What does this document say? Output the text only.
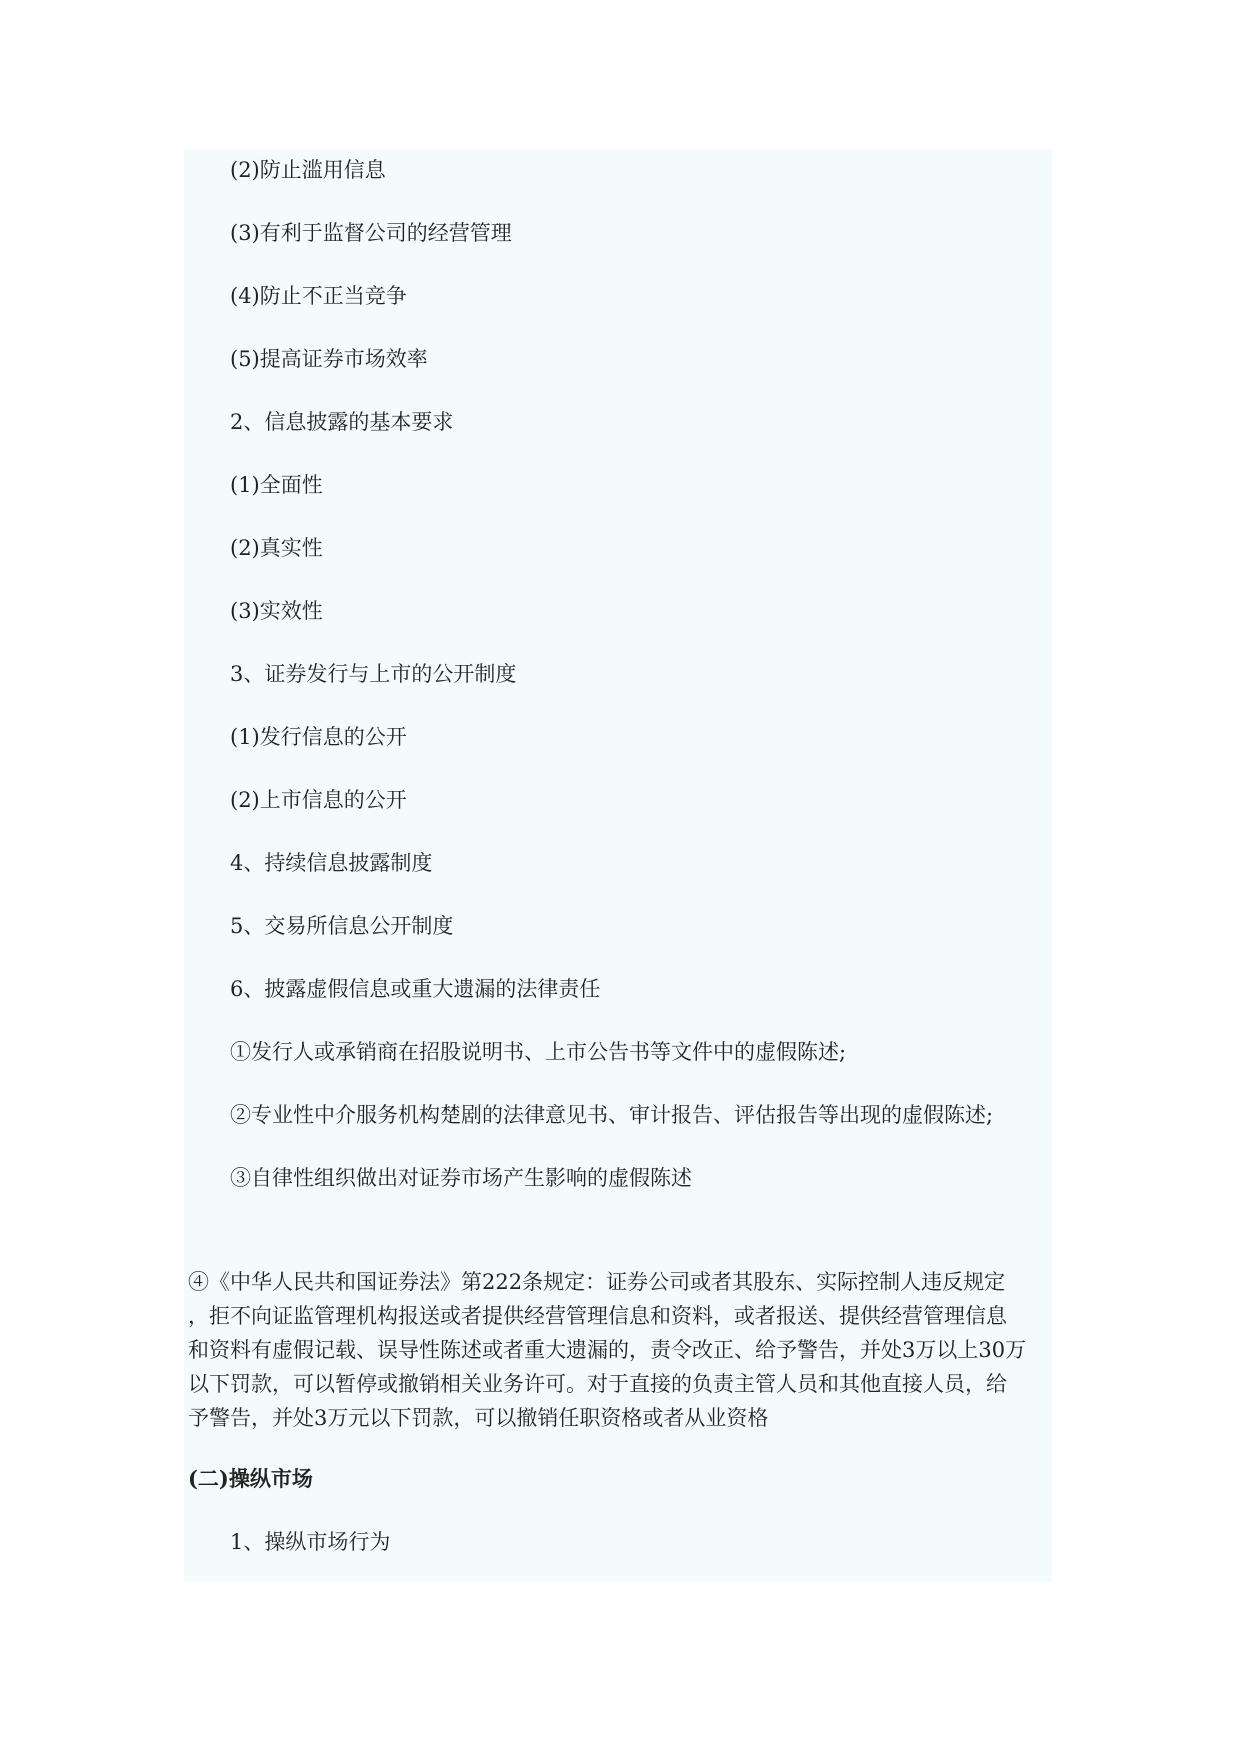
(2)防止滥用信息
(3)有利于监督公司的经营管理
(4)防止不正当竞争
(5)提高证券市场效率
2、信息披露的基本要求
(1)全面性
(2)真实性
(3)实效性
3、证券发行与上市的公开制度
(1)发行信息的公开
(2)上市信息的公开
4、持续信息披露制度
5、交易所信息公开制度
6、披露虚假信息或重大遗漏的法律责任
①发行人或承销商在招股说明书、上市公告书等文件中的虚假陈述;
②专业性中介服务机构楚剧的法律意见书、审计报告、评估报告等出现的虚假陈述;
③自律性组织做出对证券市场产生影响的虚假陈述
④《中华人民共和国证券法》第222条规定：证券公司或者其股东、实际控制人违反规定
，拒不向证监管理机构报送或者提供经营管理信息和资料，或者报送、提供经营管理信息
和资料有虚假记载、误导性陈述或者重大遗漏的，责令改正、给予警告，并处3万以上30万
以下罚款，可以暂停或撤销相关业务许可。对于直接的负责主管人员和其他直接人员，给
予警告，并处3万元以下罚款，可以撤销任职资格或者从业资格
(二)操纵市场
1、操纵市场行为
